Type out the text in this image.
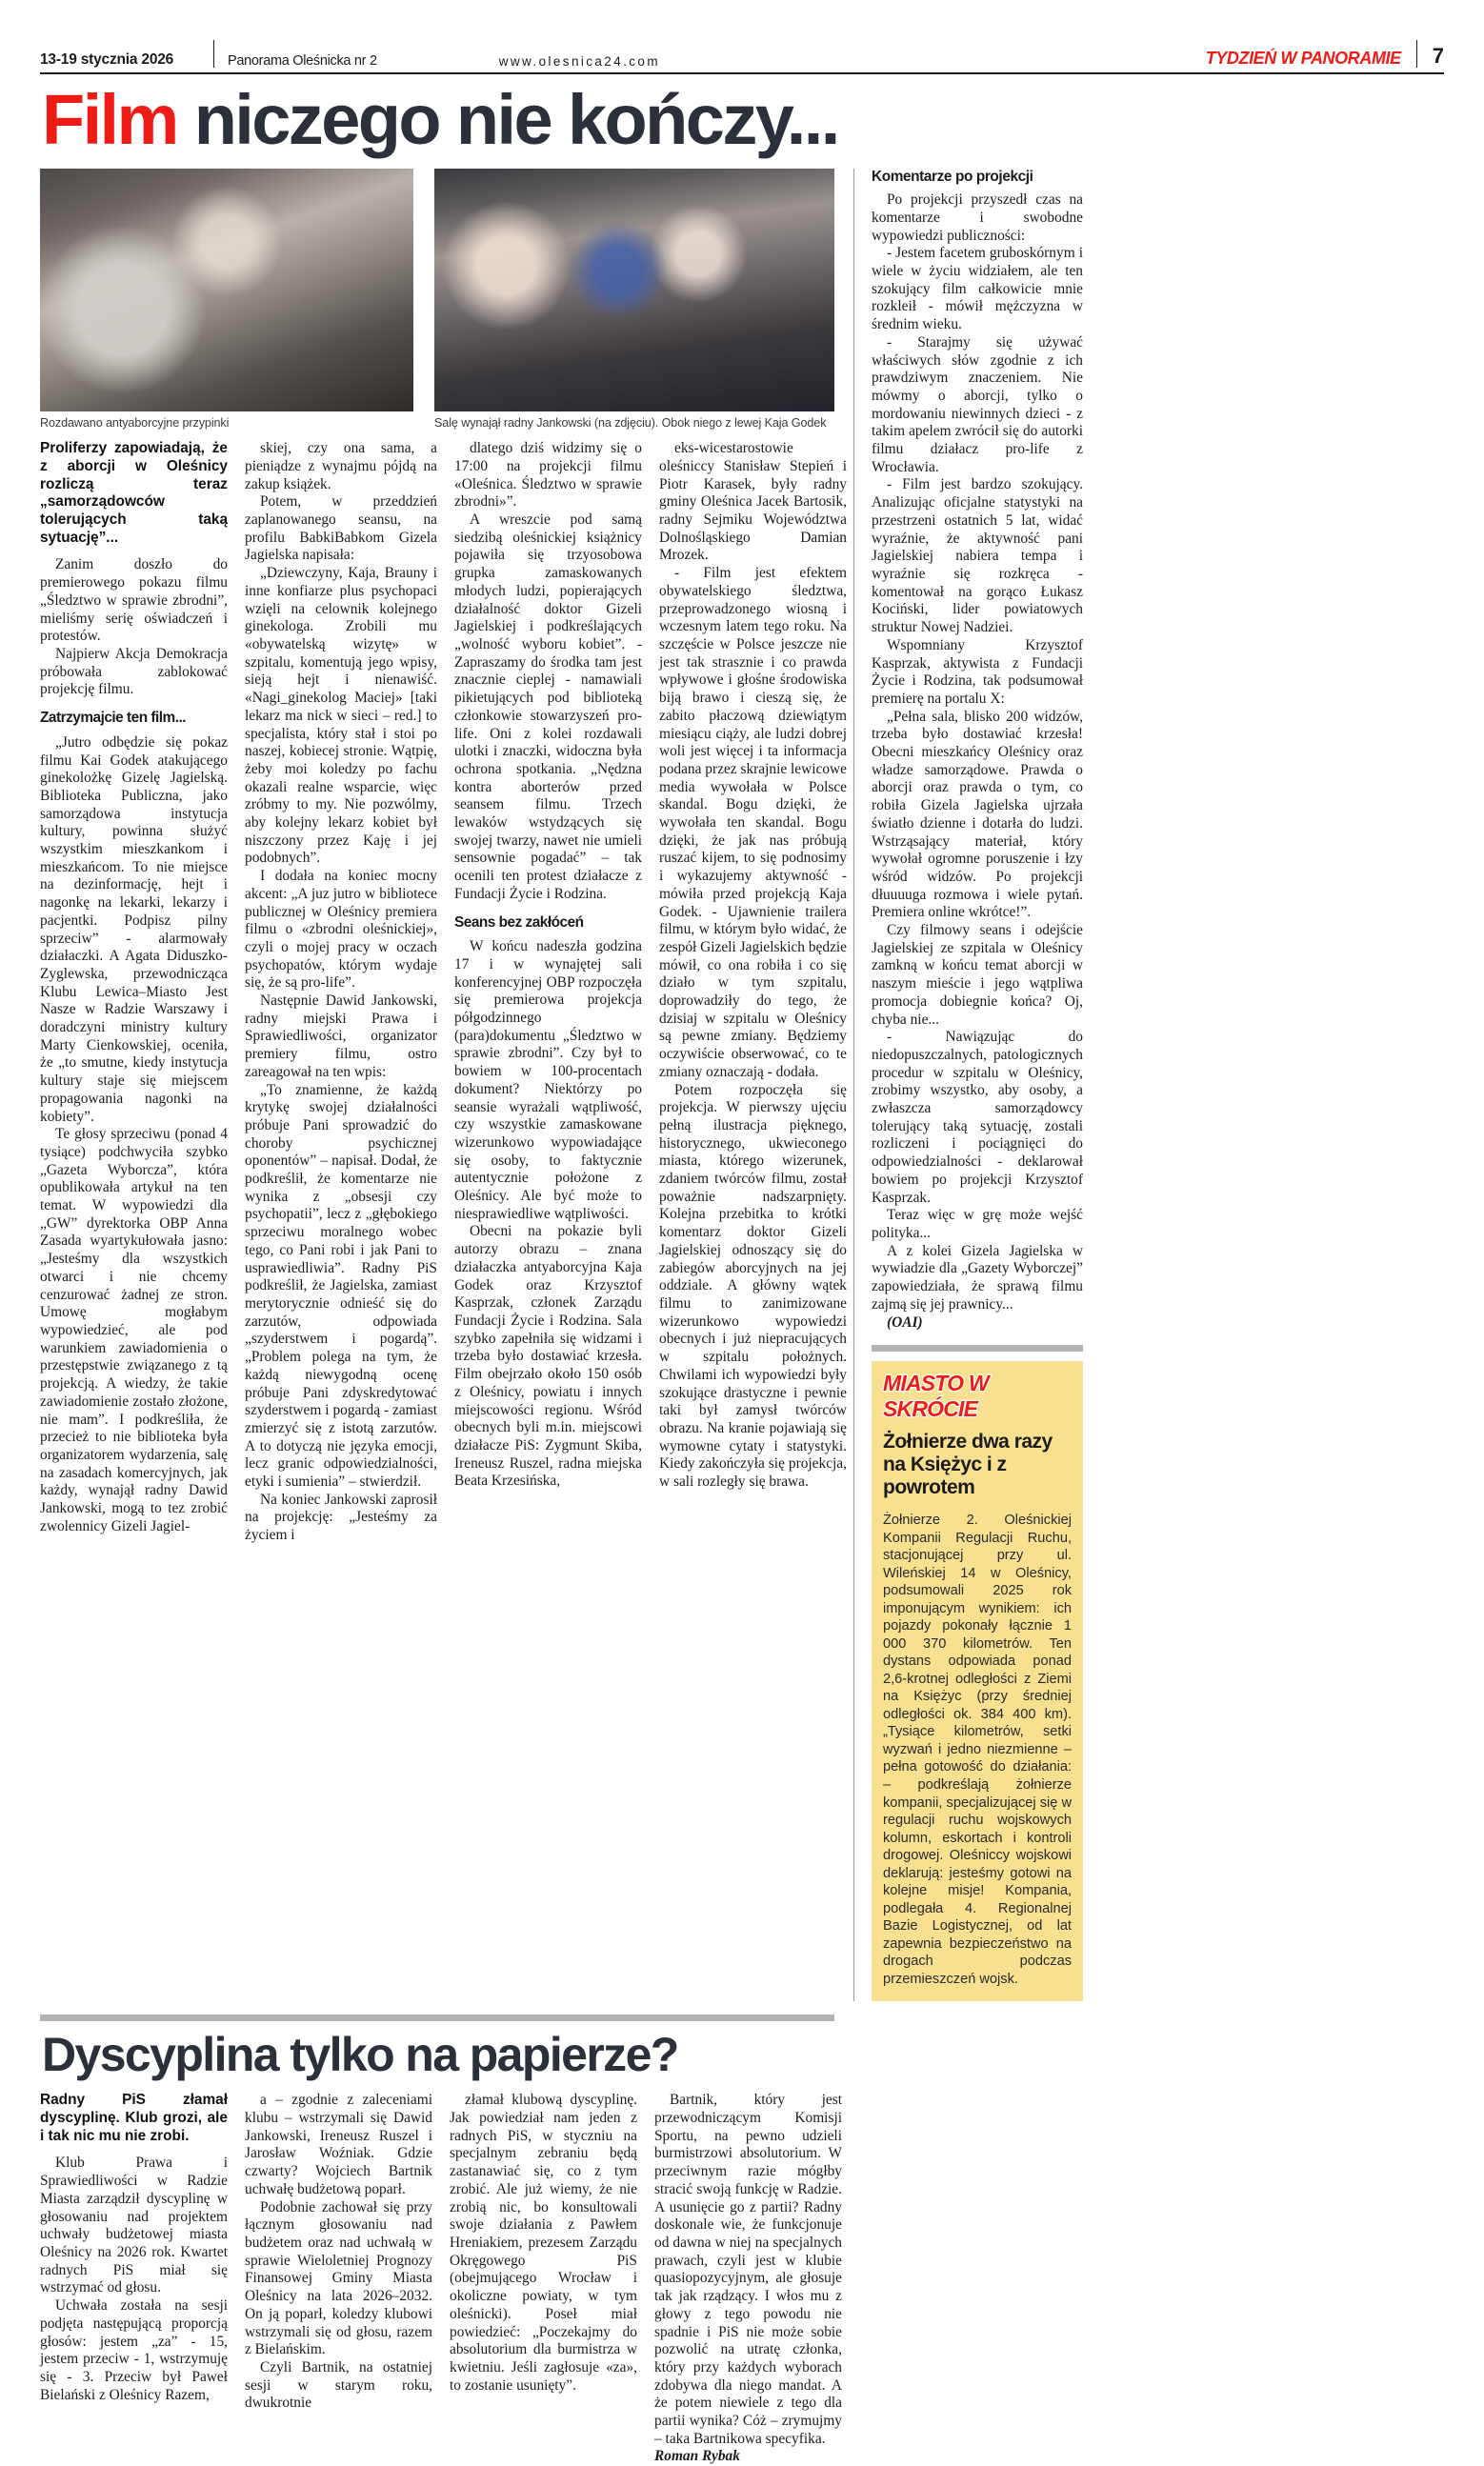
13-19 stycznia 2026	Panorama Oleśnicka nr 2	www.olesnica24.com	TYDZIEŃ W PANORAMIE 7
Film niczego nie kończy...
Rozdawano antyaborcyjne przypinki	Salę wynajął radny Jankowski (na zdjęciu). Obok niego z lewej Kaja Godek

Proliferzy zapowiadają, że z aborcji w Oleśnicy rozliczą teraz „samorządowców tolerujących taką sytuację”...

Zanim doszło do premierowego pokazu filmu „Śledztwo w sprawie zbrodni”, mieliśmy serię oświadczeń i protestów.

Najpierw Akcja Demokracja próbowała zablokować projekcję filmu.

Zatrzymajcie ten film...

„Jutro odbędzie się pokaz filmu Kai Godek atakującego ginekolożkę Gizelę Jagielską. Biblioteka Publiczna, jako samorządowa instytucja kultury, powinna służyć wszystkim mieszkankom i mieszkańcom. To nie miejsce na dezinformację, hejt i nagonkę na lekarki, lekarzy i pacjentki. Podpisz pilny sprzeciw” - alarmowały działaczki. A Agata Diduszko-Zyglewska, przewodnicząca Klubu Lewica–Miasto Jest Nasze w Radzie Warszawy i doradczyni ministry kultury Marty Cienkowskiej, oceniła, że „to smutne, kiedy instytucja kultury staje się miejscem propagowania nagonki na kobiety”.

Te głosy sprzeciwu (ponad 4 tysiące) podchwyciła szybko „Gazeta Wyborcza”, która opublikowała artykuł na ten temat. W wypowiedzi dla „GW” dyrektorka OBP Anna Zasada wyartykułowała jasno: „Jesteśmy dla wszystkich otwarci i nie chcemy cenzurować żadnej ze stron. Umowę mogłabym wypowiedzieć, ale pod warunkiem zawiadomienia o przestępstwie związanego z tą projekcją. A wiedzy, że takie zawiadomienie zostało złożone, nie mam”. I podkreśliła, że przecież to nie biblioteka była organizatorem wydarzenia, salę na zasadach komercyjnych, jak każdy, wynajął radny Dawid Jankowski, mogą to tez zrobić zwolennicy Gizeli Jagiel-

skiej, czy ona sama, a pieniądze z wynajmu pójdą na zakup książek.

Potem, w przeddzień zaplanowanego seansu, na profilu BabkiBabkom Gizela Jagielska napisała:

„Dziewczyny, Kaja, Brauny i inne konfiarze plus psychopaci wzięli na celownik kolejnego ginekologa. Zrobili mu «obywatelską wizytę» w szpitalu, komentują jego wpisy, sieją hejt i nienawiść. «Nagi_ginekolog Maciej» [taki lekarz ma nick w sieci – red.] to specjalista, który stał i stoi po naszej, kobiecej stronie. Wątpię, żeby moi koledzy po fachu okazali realne wsparcie, więc zróbmy to my. Nie pozwólmy, aby kolejny lekarz kobiet był niszczony przez Kaję i jej podobnych”.

I dodała na koniec mocny akcent: „A juz jutro w bibliotece publicznej w Oleśnicy premiera filmu o «zbrodni oleśnickiej», czyli o mojej pracy w oczach psychopatów, którym wydaje się, że są pro-life”.

Następnie Dawid Jankowski, radny miejski Prawa i Sprawiedliwości, organizator premiery filmu, ostro zareagował na ten wpis:

„To znamienne, że każdą krytykę swojej działalności próbuje Pani sprowadzić do choroby psychicznej oponentów” – napisał. Dodał, że podkreślił, że komentarze nie wynika z „obsesji czy psychopatii”, lecz z „głębokiego sprzeciwu moralnego wobec tego, co Pani robi i jak Pani to usprawiedliwia”. Radny PiS podkreślił, że Jagielska, zamiast merytorycznie odnieść się do zarzutów, odpowiada „szyderstwem i pogardą”. „Problem polega na tym, że każdą niewygodną ocenę próbuje Pani zdyskredytować szyderstwem i pogardą - zamiast zmierzyć się z istotą zarzutów. A to dotyczą nie języka emocji, lecz granic odpowiedzialności, etyki i sumienia” – stwierdził.

Na koniec Jankowski zaprosił na projekcję: „Jesteśmy za życiem i

dlatego dziś widzimy się o 17:00 na projekcji filmu «Oleśnica. Śledztwo w sprawie zbrodni»”.

A wreszcie pod samą siedzibą oleśnickiej książnicy pojawiła się trzyosobowa grupka zamaskowanych młodych ludzi, popierających działalność doktor Gizeli Jagielskiej i podkreślających „wolność wyboru kobiet”. - Zapraszamy do środka tam jest znacznie cieplej - namawiali pikietujących pod biblioteką członkowie stowarzyszeń pro-life. Oni z kolei rozdawali ulotki i znaczki, widoczna była ochrona spotkania. „Nędzna kontra aborterów przed seansem filmu. Trzech lewaków wstydzących się swojej twarzy, nawet nie umieli sensownie pogadać” – tak ocenili ten protest działacze z Fundacji Życie i Rodzina.

Seans bez zakłóceń

W końcu nadeszła godzina 17 i w wynajętej sali konferencyjnej OBP rozpoczęła się premierowa projekcja półgodzinnego (para)dokumentu „Śledztwo w sprawie zbrodni”. Czy był to bowiem w 100-procentach dokument? Niektórzy po seansie wyrażali wątpliwość, czy wszystkie zamaskowane wizerunkowo wypowiadające się osoby, to faktycznie autentycznie położone z Oleśnicy. Ale być może to niesprawiedliwe wątpliwości.

Obecni na pokazie byli autorzy obrazu – znana działaczka antyaborcyjna Kaja Godek oraz Krzysztof Kasprzak, członek Zarządu Fundacji Życie i Rodzina. Sala szybko zapełniła się widzami i trzeba było dostawiać krzesła. Film obejrzało około 150 osób z Oleśnicy, powiatu i innych miejscowości regionu. Wśród obecnych byli m.in. miejscowi działacze PiS: Zygmunt Skiba, Ireneusz Ruszel, radna miejska Beata Krzesińska,

eks-wicestarostowie oleśniccy Stanisław Stepień i Piotr Karasek, były radny gminy Oleśnica Jacek Bartosik, radny Sejmiku Województwa Dolnośląskiego Damian Mrozek.

- Film jest efektem obywatelskiego śledztwa, przeprowadzonego wiosną i wczesnym latem tego roku. Na szczęście w Polsce jeszcze nie jest tak strasznie i co prawda wpływowe i głośne środowiska biją brawo i cieszą się, że zabito płaczową dziewiątym miesiącu ciąży, ale ludzi dobrej woli jest więcej i ta informacja podana przez skrajnie lewicowe media wywołała w Polsce skandal. Bogu dzięki, że wywołała ten skandal. Bogu dzięki, że jak nas próbują ruszać kijem, to się podnosimy i wykazujemy aktywność - mówiła przed projekcją Kaja Godek. - Ujawnienie trailera filmu, w którym było widać, że zespół Gizeli Jagielskich będzie mówił, co ona robiła i co się działo w tym szpitalu, doprowadziły do tego, że dzisiaj w szpitalu w Oleśnicy są pewne zmiany. Będziemy oczywiście obserwować, co te zmiany oznaczają - dodała.

Potem rozpoczęła się projekcja. W pierwszy ujęciu pełną ilustracja pięknego, historycznego, ukwieconego miasta, którego wizerunek, zdaniem twórców filmu, został poważnie nadszarpnięty. Kolejna przebitka to krótki komentarz doktor Gizeli Jagielskiej odnoszący się do zabiegów aborcyjnych na jej oddziale. A główny wątek filmu to zanimizowane wizerunkowo wypowiedzi obecnych i już niepracujących w szpitalu położnych. Chwilami ich wypowiedzi były szokujące drastyczne i pewnie taki był zamysł twórców obrazu. Na kranie pojawiają się wymowne cytaty i statystyki. Kiedy zakończyła się projekcja, w sali rozległy się brawa.

Komentarze po projekcji

Po projekcji przyszedł czas na komentarze i swobodne wypowiedzi publiczności:

- Jestem facetem gruboskórnym i wiele w życiu widziałem, ale ten szokujący film całkowicie mnie rozkleił - mówił mężczyzna w średnim wieku.

- Starajmy się używać właściwych słów zgodnie z ich prawdziwym znaczeniem. Nie mówmy o aborcji, tylko o mordowaniu niewinnych dzieci - z takim apelem zwrócił się do autorki filmu działacz pro-life z Wrocławia.

- Film jest bardzo szokujący. Analizując oficjalne statystyki na przestrzeni ostatnich 5 lat, widać wyraźnie, że aktywność pani Jagielskiej nabiera tempa i wyraźnie się rozkręca - komentował na gorąco Łukasz Kociński, lider powiatowych struktur Nowej Nadziei.

Wspomniany Krzysztof Kasprzak, aktywista z Fundacji Życie i Rodzina, tak podsumował premierę na portalu X:

„Pełna sala, blisko 200 widzów, trzeba było dostawiać krzesła! Obecni mieszkańcy Oleśnicy oraz władze samorządowe. Prawda o aborcji oraz prawda o tym, co robiła Gizela Jagielska ujrzała światło dzienne i dotarła do ludzi. Wstrząsający materiał, który wywołał ogromne poruszenie i łzy wśród widzów. Po projekcji dłuuuuga rozmowa i wiele pytań. Premiera online wkrótce!”.

Czy filmowy seans i odejście Jagielskiej ze szpitala w Oleśnicy zamkną w końcu temat aborcji w naszym mieście i jego wątpliwa promocja dobiegnie końca? Oj, chyba nie...

- Nawiązując do niedopuszczalnych, patologicznych procedur w szpitalu w Oleśnicy, zrobimy wszystko, aby osoby, a zwłaszcza samorządowcy tolerujący taką sytuację, zostali rozliczeni i pociągnięci do odpowiedzialności - deklarował bowiem po projekcji Krzysztof Kasprzak.

Teraz więc w grę może wejść polityka...

A z kolei Gizela Jagielska w wywiadzie dla „Gazety Wyborczej” zapowiedziała, że sprawą filmu zajmą się jej prawnicy...

(OAI)

MIASTO W SKRÓCIE
Żołnierze dwa razy na Księżyc i z powrotem
Żołnierze 2. Oleśnickiej Kompanii Regulacji Ruchu, stacjonującej przy ul. Wileńskiej 14 w Oleśnicy, podsumowali 2025 rok imponującym wynikiem: ich pojazdy pokonały łącznie 1 000 370 kilometrów. Ten dystans odpowiada ponad 2,6-krotnej odległości z Ziemi na Księżyc (przy średniej odległości ok. 384 400 km). „Tysiące kilometrów, setki wyzwań i jedno niezmienne – pełna gotowość do działania: – podkreślają żołnierze kompanii, specjalizującej się w regulacji ruchu wojskowych kolumn, eskortach i kontroli drogowej. Oleśniccy wojskowi deklarują: jesteśmy gotowi na kolejne misje! Kompania, podlegała 4. Regionalnej Bazie Logistycznej, od lat zapewnia bezpieczeństwo na drogach podczas przemieszczeń wojsk.
Dyscyplina tylko na papierze?

Radny PiS złamał dyscyplinę. Klub grozi, ale i tak nic mu nie zrobi.

Klub Prawa i Sprawiedliwości w Radzie Miasta zarządził dyscyplinę w głosowaniu nad projektem uchwały budżetowej miasta Oleśnicy na 2026 rok. Kwartet radnych PiS miał się wstrzymać od głosu.

Uchwała została na sesji podjęta następującą proporcją głosów: jestem „za” - 15, jestem przeciw - 1, wstrzymuję się - 3. Przeciw był Paweł Bielański z Oleśnicy Razem,

a – zgodnie z zaleceniami klubu – wstrzymali się Dawid Jankowski, Ireneusz Ruszel i Jarosław Woźniak. Gdzie czwarty? Wojciech Bartnik uchwałę budżetową poparł.

Podobnie zachował się przy łącznym głosowaniu nad budżetem oraz nad uchwałą w sprawie Wieloletniej Prognozy Finansowej Gminy Miasta Oleśnicy na lata 2026–2032. On ją poparł, koledzy klubowi wstrzymali się od głosu, razem z Bielańskim.

Czyli Bartnik, na ostatniej sesji w starym roku, dwukrotnie

złamał klubową dyscyplinę. Jak powiedział nam jeden z radnych PiS, w styczniu na specjalnym zebraniu będą zastanawiać się, co z tym zrobić. Ale już wiemy, że nie zrobią nic, bo konsultowali swoje działania z Pawłem Hreniakiem, prezesem Zarządu Okręgowego PiS (obejmującego Wrocław i okoliczne powiaty, w tym oleśnicki). Poseł miał powiedzieć: „Poczekajmy do absolutorium dla burmistrza w kwietniu. Jeśli zagłosuje «za», to zostanie usunięty”.

Bartnik, który jest przewodniczącym Komisji Sportu, na pewno udzieli burmistrzowi absolutorium. W przeciwnym razie mógłby stracić swoją funkcję w Radzie. A usunięcie go z partii? Radny doskonale wie, że funkcjonuje od dawna w niej na specjalnych prawach, czyli jest w klubie quasiopozycyjnym, ale głosuje tak jak rządzący. I włos mu z głowy z tego powodu nie spadnie i PiS nie może sobie pozwolić na utratę członka, który przy każdych wyborach zdobywa dla niego mandat. A że potem niewiele z tego dla partii wynika? Cóż – zrymujmy – taka Bartnikowa specyfika.

Roman Rybak
